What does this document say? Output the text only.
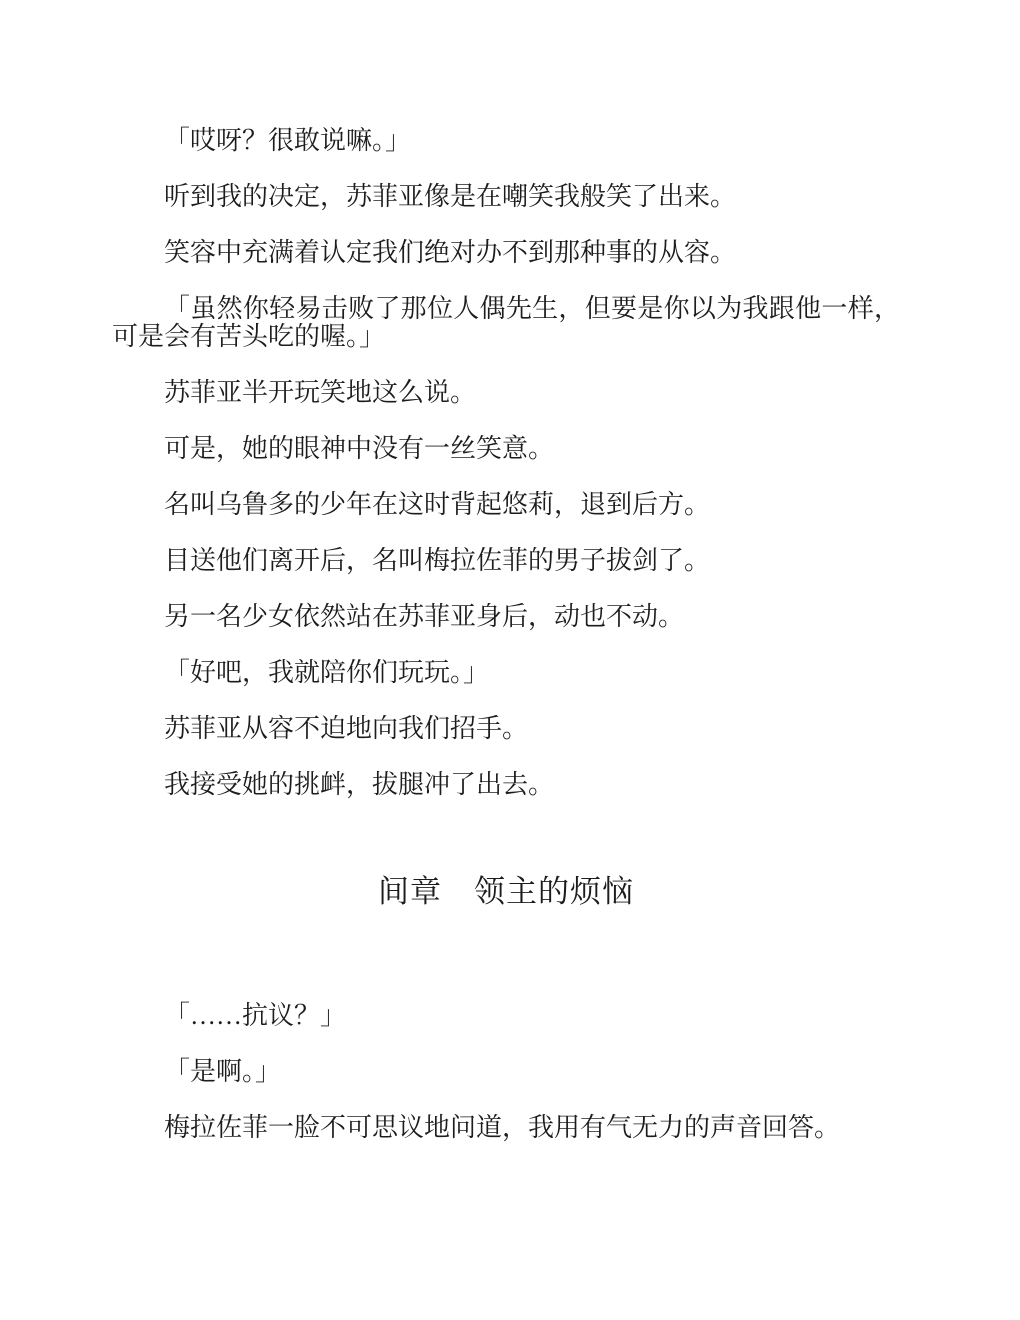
「哎呀？很敢说嘛。」

听到我的决定，苏菲亚像是在嘲笑我般笑了出来。

笑容中充满着认定我们绝对办不到那种事的从容。

「虽然你轻易击败了那位人偶先生，但要是你以为我跟他一样，可是会有苦头吃的喔。」

苏菲亚半开玩笑地这么说。

可是，她的眼神中没有一丝笑意。

名叫乌鲁多的少年在这时背起悠莉，退到后方。

目送他们离开后，名叫梅拉佐菲的男子拔剑了。

另一名少女依然站在苏菲亚身后，动也不动。

「好吧，我就陪你们玩玩。」

苏菲亚从容不迫地向我们招手。

我接受她的挑衅，拔腿冲了出去。

间章　领主的烦恼

「……抗议？」

「是啊。」

梅拉佐菲一脸不可思议地问道，我用有气无力的声音回答。
